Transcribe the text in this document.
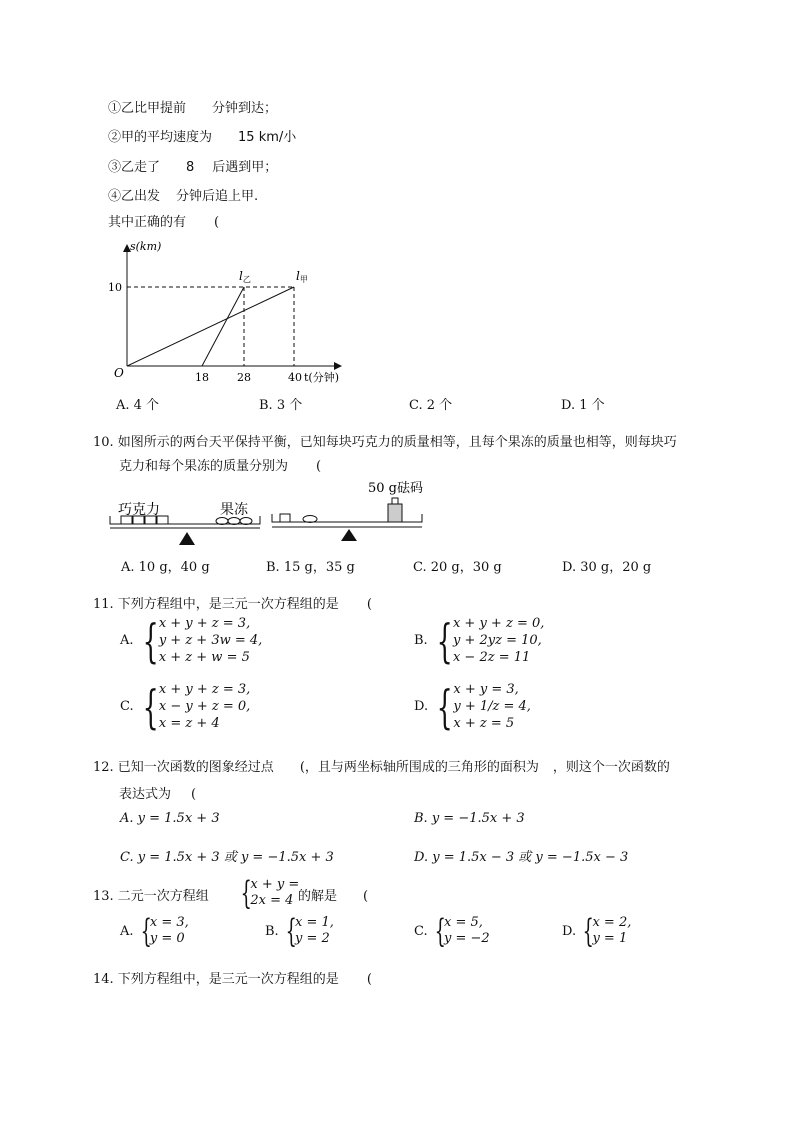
①乙比甲提前 分钟到达；
②甲的平均速度为 15 km/小
③乙走了 8 后遇到甲；
④乙出发 分钟后追上甲.
其中正确的有 (
s(km)
10
O	18	28	40 t(分钟)
l乙	l甲
A. 4 个	B. 3 个	C. 2 个	D. 1 个
10. 如图所示的两台天平保持平衡，已知每块巧克力的质量相等，且每个果冻的质量也相等，则每块巧
克力和每个果冻的质量分别为 (
巧克力	果冻
50 g砝码
A. 10 g，40 g	B. 15 g，35 g	C. 20 g，30 g	D. 30 g，20 g
11. 下列方程组中，是三元一次方程组的是 (
A. { x + y + z = 3,
y + z + 3w = 4,
x + z + w = 5
B. { x + y + z = 0,
y + 2yz = 10,
x − 2z = 11
C. { x + y + z = 3,
x − y + z = 0,
x = z + 4
D. { x + y = 3,
y + 1/z = 4,
x + z = 5
12. 已知一次函数的图象经过点 (，且与两坐标轴所围成的三角形的面积为 ，则这个一次函数的
表达式为 (
A. y = 1.5x + 3	B. y = −1.5x + 3
C. y = 1.5x + 3 或 y = −1.5x + 3	D. y = 1.5x − 3 或 y = −1.5x − 3
13. 二元一次方程组 {
x + y =
2x = 4 的解是 (
A. {
x = 3,
y = 0	B. {
x = 1,
y = 2	C. {
x = 5,
y = −2	D. {
x = 2,
y = 1
14. 下列方程组中，是三元一次方程组的是 (
